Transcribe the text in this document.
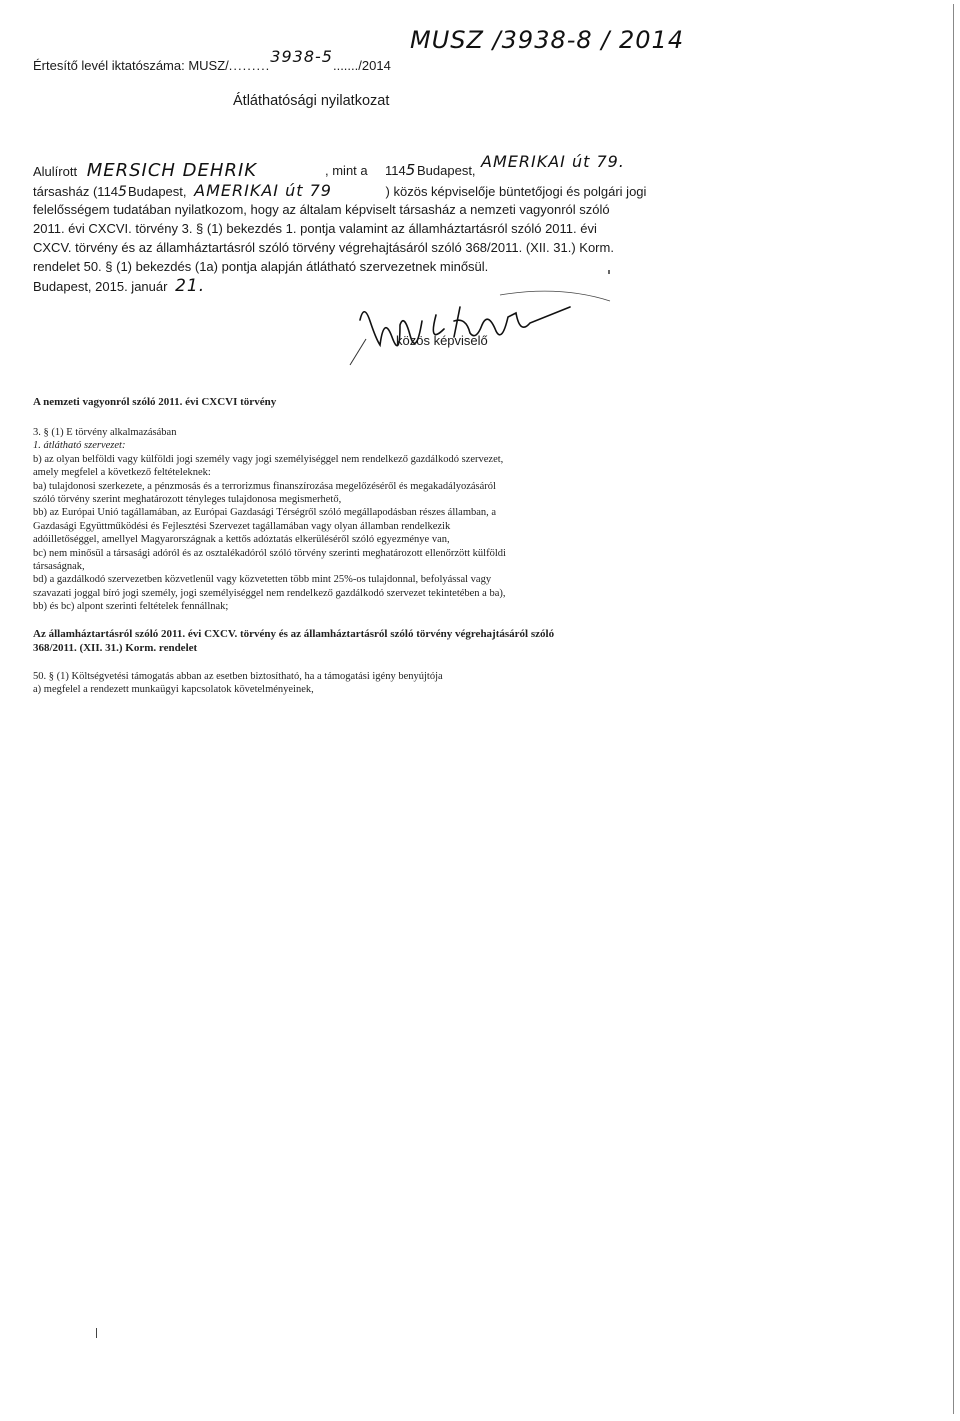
Értesítő levél iktatószáma: MUSZ/.........3938-5......./2014
MUSZ /3938-8 / 2014
Átláthatósági nyilatkozat
Alulírott MERSICH DEHRIK	, mint a 1145 Budapest, AMERIKAI út 79.
társasház (1145Budapest, AMERIKAI út 79	) közös képviselője büntetőjogi és polgári jogi
felelősségem tudatában nyilatkozom, hogy az általam képviselt társasház a nemzeti vagyonról szóló
2011. évi CXCVI. törvény 3. § (1) bekezdés 1. pontja valamint az államháztartásról szóló 2011. évi
CXCV. törvény és az államháztartásról szóló törvény végrehajtásáról szóló 368/2011. (XII. 31.) Korm.
rendelet 50. § (1) bekezdés (1a) pontja alapján átlátható szervezetnek minősül.
Budapest, 2015. január 21.
közös képviselő
A nemzeti vagyonról szóló 2011. évi CXCVI törvény
3. § (1) E törvény alkalmazásában
1. átlátható szervezet:
b) az olyan belföldi vagy külföldi jogi személy vagy jogi személyiséggel nem rendelkező gazdálkodó szervezet,
amely megfelel a következő feltételeknek:
ba) tulajdonosi szerkezete, a pénzmosás és a terrorizmus finanszírozása megelőzéséről és megakadályozásáról
szóló törvény szerint meghatározott tényleges tulajdonosa megismerhető,
bb) az Európai Unió tagállamában, az Európai Gazdasági Térségről szóló megállapodásban részes államban, a
Gazdasági Együttműködési és Fejlesztési Szervezet tagállamában vagy olyan államban rendelkezik
adóilletőséggel, amellyel Magyarországnak a kettős adóztatás elkerüléséről szóló egyezménye van,
bc) nem minősül a társasági adóról és az osztalékadóról szóló törvény szerinti meghatározott ellenőrzött külföldi
társaságnak,
bd) a gazdálkodó szervezetben közvetlenül vagy közvetetten több mint 25%-os tulajdonnal, befolyással vagy
szavazati joggal bíró jogi személy, jogi személyiséggel nem rendelkező gazdálkodó szervezet tekintetében a ba),
bb) és bc) alpont szerinti feltételek fennállnak;
Az államháztartásról szóló 2011. évi CXCV. törvény és az államháztartásról szóló törvény végrehajtásáról szóló
368/2011. (XII. 31.) Korm. rendelet
50. § (1) Költségvetési támogatás abban az esetben biztosítható, ha a támogatási igény benyújtója
a) megfelel a rendezett munkaügyi kapcsolatok követelményeinek,
